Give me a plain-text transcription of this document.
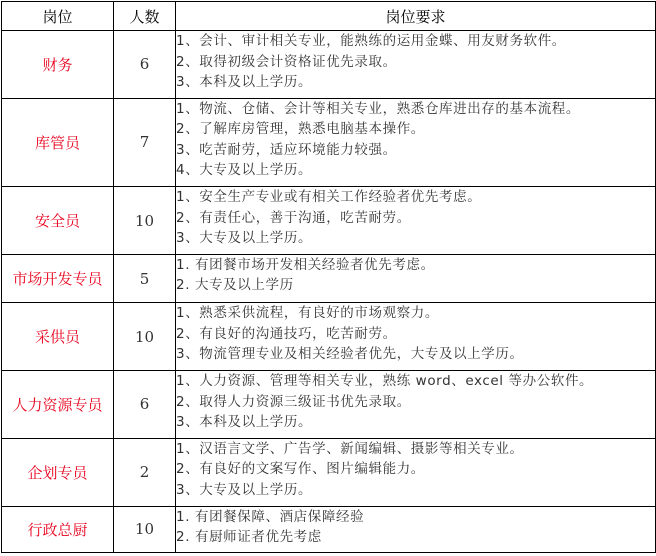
岗位	人数	岗位要求
财务	6	1、会计、审计相关专业，能熟练的运用金蝶、用友财务软件。
2、取得初级会计资格证优先录取。
3、本科及以上学历。

库管员	7	1、物流、仓储、会计等相关专业，熟悉仓库进出存的基本流程。
2、了解库房管理，熟悉电脑基本操作。
3、吃苦耐劳，适应环境能力较强。
4、大专及以上学历。

安全员	10	1、安全生产专业或有相关工作经验者优先考虑。
2、有责任心，善于沟通，吃苦耐劳。
3、大专及以上学历。

市场开发专员	5	1. 有团餐市场开发相关经验者优先考虑。
2. 大专及以上学历

采供员	10	1、熟悉采供流程，有良好的市场观察力。
2、有良好的沟通技巧，吃苦耐劳。
3、物流管理专业及相关经验者优先，大专及以上学历。

人力资源专员	6	1、人力资源、管理等相关专业，熟练 word、excel 等办公软件。
2、取得人力资源三级证书优先录取。
3、本科及以上学历。

企划专员	2	1、汉语言文学、广告学、新闻编辑、摄影等相关专业。
2、有良好的文案写作、图片编辑能力。
3、大专及以上学历。

行政总厨	10	1. 有团餐保障、酒店保障经验
2. 有厨师证者优先考虑
